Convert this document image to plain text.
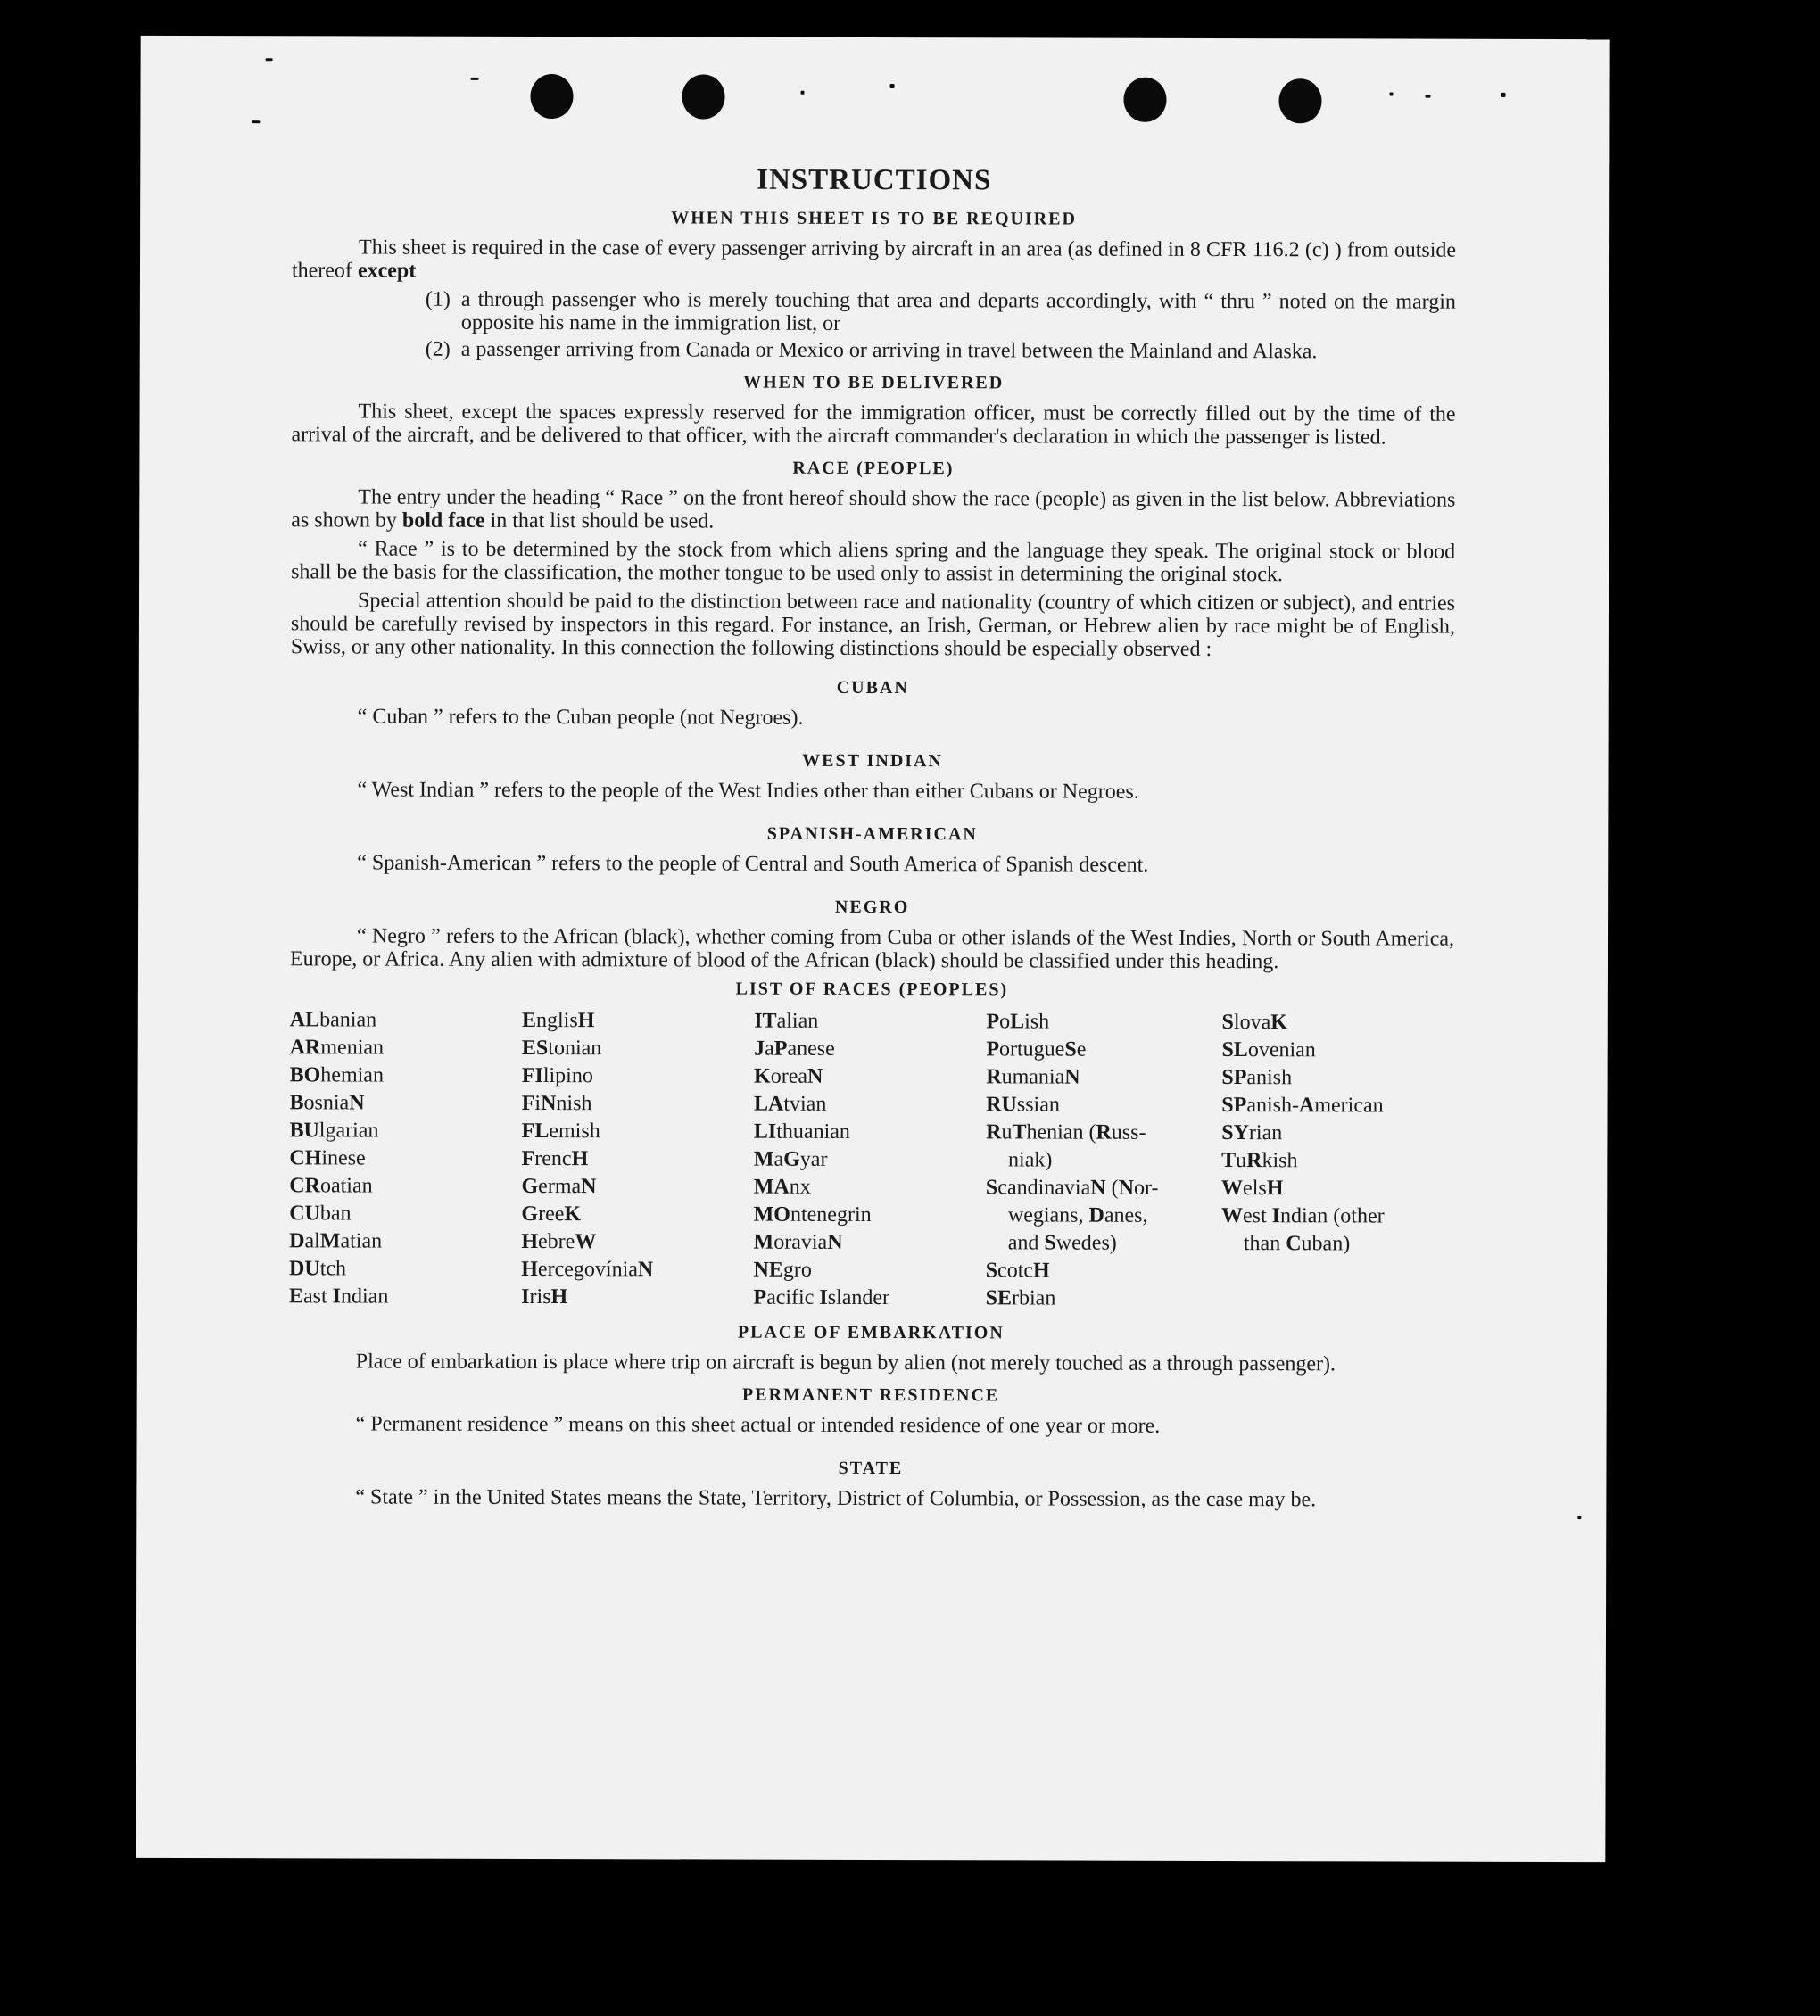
INSTRUCTIONS
WHEN THIS SHEET IS TO BE REQUIRED

This sheet is required in the case of every passenger arriving by aircraft in an area (as defined in 8 CFR 116.2 (c) ) from outside thereof except

(1) a through passenger who is merely touching that area and departs accordingly, with “ thru ” noted on the margin opposite his name in the immigration list, or
(2) a passenger arriving from Canada or Mexico or arriving in travel between the Mainland and Alaska.
WHEN TO BE DELIVERED

This sheet, except the spaces expressly reserved for the immigration officer, must be correctly filled out by the time of the arrival of the aircraft, and be delivered to that officer, with the aircraft commander's declaration in which the passenger is listed.

RACE (PEOPLE)

The entry under the heading “ Race ” on the front hereof should show the race (people) as given in the list below. Abbreviations as shown by bold face in that list should be used.

“ Race ” is to be determined by the stock from which aliens spring and the language they speak. The original stock or blood shall be the basis for the classification, the mother tongue to be used only to assist in determining the original stock.

Special attention should be paid to the distinction between race and nationality (country of which citizen or subject), and entries should be carefully revised by inspectors in this regard. For instance, an Irish, German, or Hebrew alien by race might be of English, Swiss, or any other nationality. In this connection the following distinctions should be especially observed :

CUBAN

“ Cuban ” refers to the Cuban people (not Negroes).

WEST INDIAN

“ West Indian ” refers to the people of the West Indies other than either Cubans or Negroes.

SPANISH-AMERICAN

“ Spanish-American ” refers to the people of Central and South America of Spanish descent.

NEGRO

“ Negro ” refers to the African (black), whether coming from Cuba or other islands of the West Indies, North or South America, Europe, or Africa. Any alien with admixture of blood of the African (black) should be classified under this heading.

LIST OF RACES (PEOPLES)
ALbanian
ARmenian
BOhemian
BosniaN
BUlgarian
CHinese
CRoatian
CUban
DalMatian
DUtch
East Indian
EnglisH
EStonian
FIlipino
FiNnish
FLemish
FrencH
GermaN
GreeK
HebreW
HercegovíniaN
IrisH
ITalian
JaPanese
KoreaN
LAtvian
LIthuanian
MaGyar
MAnx
MOntenegrin
MoraviaN
NEgro
Pacific Islander
PoLish
PortugueSe
RumaniaN
RUssian
RuThenian (Russ-
niak)
ScandinaviaN (Nor-
wegians, Danes,
and Swedes)
ScotcH
SErbian
SlovaK
SLovenian
SPanish
SPanish-American
SYrian
TuRkish
WelsH
West Indian (other
than Cuban)
PLACE OF EMBARKATION

Place of embarkation is place where trip on aircraft is begun by alien (not merely touched as a through passenger).

PERMANENT RESIDENCE

“ Permanent residence ” means on this sheet actual or intended residence of one year or more.

STATE

“ State ” in the United States means the State, Territory, District of Columbia, or Possession, as the case may be.
